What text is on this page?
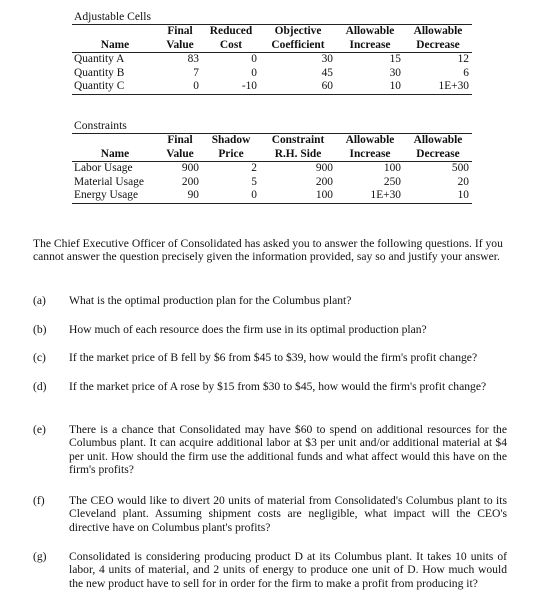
Adjustable Cells
	Final	Reduced	Objective	Allowable	Allowable
Name	Value	Cost	Coefficient	Increase	Decrease
Quantity A	83	0	30	15	12
Quantity B	7	0	45	30	6
Quantity C	0	-10	60	10	1E+30
Constraints
	Final	Shadow	Constraint	Allowable	Allowable
Name	Value	Price	R.H. Side	Increase	Decrease
Labor Usage	900	2	900	100	500
Material Usage	200	5	200	250	20
Energy Usage	90	0	100	1E+30	10
The Chief Executive Officer of Consolidated has asked you to answer the following questions. If you cannot answer the question precisely given the information provided, say so and justify your answer.
(a)	What is the optimal production plan for the Columbus plant?
(b)	How much of each resource does the firm use in its optimal production plan?
(c)	If the market price of B fell by $6 from $45 to $39, how would the firm's profit change?
(d)	If the market price of A rose by $15 from $30 to $45, how would the firm's profit change?
(e)	There is a chance that Consolidated may have $60 to spend on additional resources for the Columbus plant. It can acquire additional labor at $3 per unit and/or additional material at $4 per unit. How should the firm use the additional funds and what affect would this have on the firm's profits?
(f)	The CEO would like to divert 20 units of material from Consolidated's Columbus plant to its Cleveland plant. Assuming shipment costs are negligible, what impact will the CEO's directive have on Columbus plant's profits?
(g)	Consolidated is considering producing product D at its Columbus plant. It takes 10 units of labor, 4 units of material, and 2 units of energy to produce one unit of D. How much would the new product have to sell for in order for the firm to make a profit from producing it?
